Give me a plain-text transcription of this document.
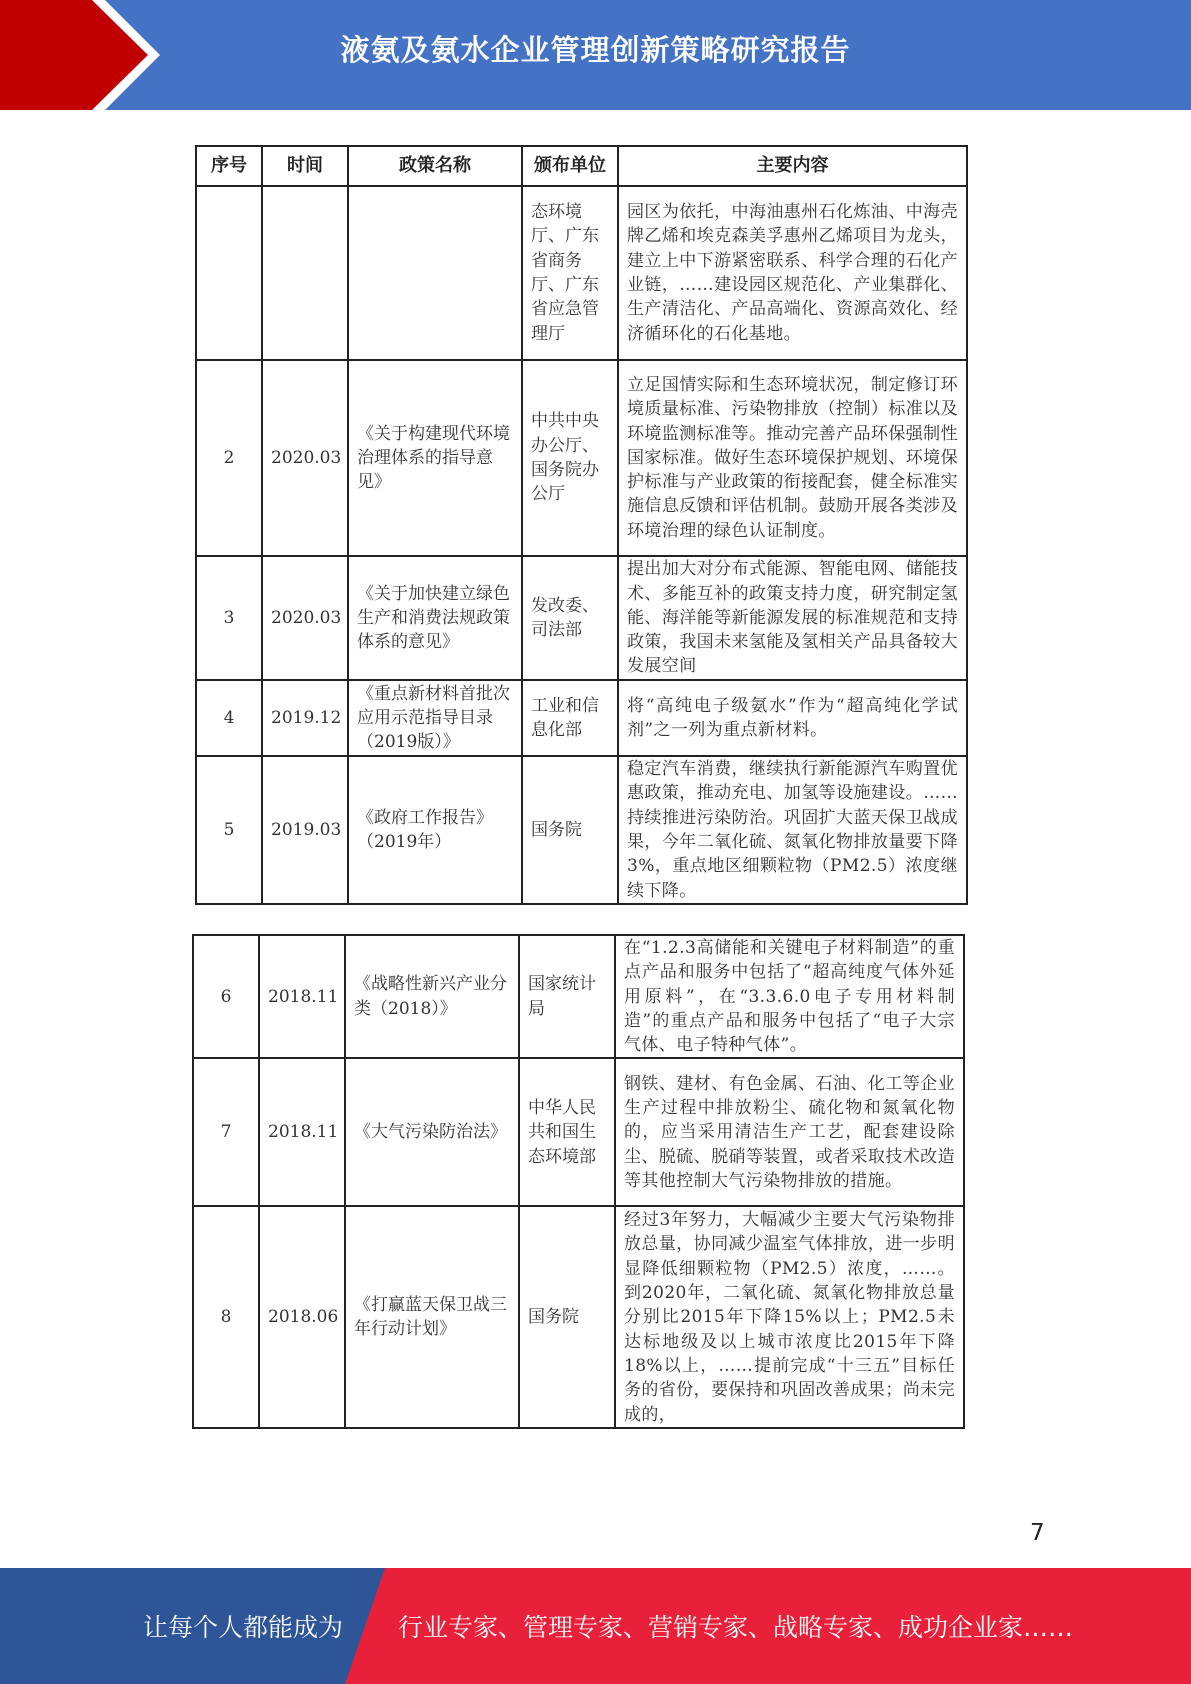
液氨及氨水企业管理创新策略研究报告
序号	时间	政策名称	颁布单位	主要内容
			态环境厅、广东省商务厅、广东省应急管理厅	园区为依托，中海油惠州石化炼油、中海壳牌乙烯和埃克森美孚惠州乙烯项目为龙头，建立上中下游紧密联系、科学合理的石化产业链，……建设园区规范化、产业集群化、生产清洁化、产品高端化、资源高效化、经济循环化的石化基地。
2	2020.03	《关于构建现代环境治理体系的指导意见》	中共中央办公厅、国务院办公厅	立足国情实际和生态环境状况，制定修订环境质量标准、污染物排放（控制）标准以及环境监测标准等。推动完善产品环保强制性国家标准。做好生态环境保护规划、环境保护标准与产业政策的衔接配套，健全标准实施信息反馈和评估机制。鼓励开展各类涉及环境治理的绿色认证制度。
3	2020.03	《关于加快建立绿色生产和消费法规政策体系的意见》	发改委、司法部	提出加大对分布式能源、智能电网、储能技术、多能互补的政策支持力度，研究制定氢能、海洋能等新能源发展的标准规范和支持政策，我国未来氢能及氢相关产品具备较大发展空间
4	2019.12	《重点新材料首批次应用示范指导目录（2019版）》	工业和信息化部	将“高纯电子级氨水”作为“超高纯化学试剂”之一列为重点新材料。
5	2019.03	《政府工作报告》（2019年）	国务院	稳定汽车消费，继续执行新能源汽车购置优惠政策，推动充电、加氢等设施建设。……持续推进污染防治。巩固扩大蓝天保卫战成果，今年二氧化硫、氮氧化物排放量要下降3%，重点地区细颗粒物（PM2.5）浓度继续下降。
6	2018.11	《战略性新兴产业分类（2018）》	国家统计局	在“1.2.3高储能和关键电子材料制造”的重点产品和服务中包括了“超高纯度气体外延用原料”，在“3.3.6.0电子专用材料制造”的重点产品和服务中包括了“电子大宗气体、电子特种气体”。
7	2018.11	《大气污染防治法》	中华人民共和国生态环境部	钢铁、建材、有色金属、石油、化工等企业生产过程中排放粉尘、硫化物和氮氧化物的，应当采用清洁生产工艺，配套建设除尘、脱硫、脱硝等装置，或者采取技术改造等其他控制大气污染物排放的措施。
8	2018.06	《打赢蓝天保卫战三年行动计划》	国务院	经过3年努力，大幅减少主要大气污染物排放总量，协同减少温室气体排放，进一步明显降低细颗粒物（PM2.5）浓度，……。到2020年，二氧化硫、氮氧化物排放总量分别比2015年下降15%以上；PM2.5未达标地级及以上城市浓度比2015年下降18%以上，……提前完成“十三五”目标任务的省份，要保持和巩固改善成果；尚未完成的，
7
让每个人都能成为 行业专家、管理专家、营销专家、战略专家、成功企业家……
